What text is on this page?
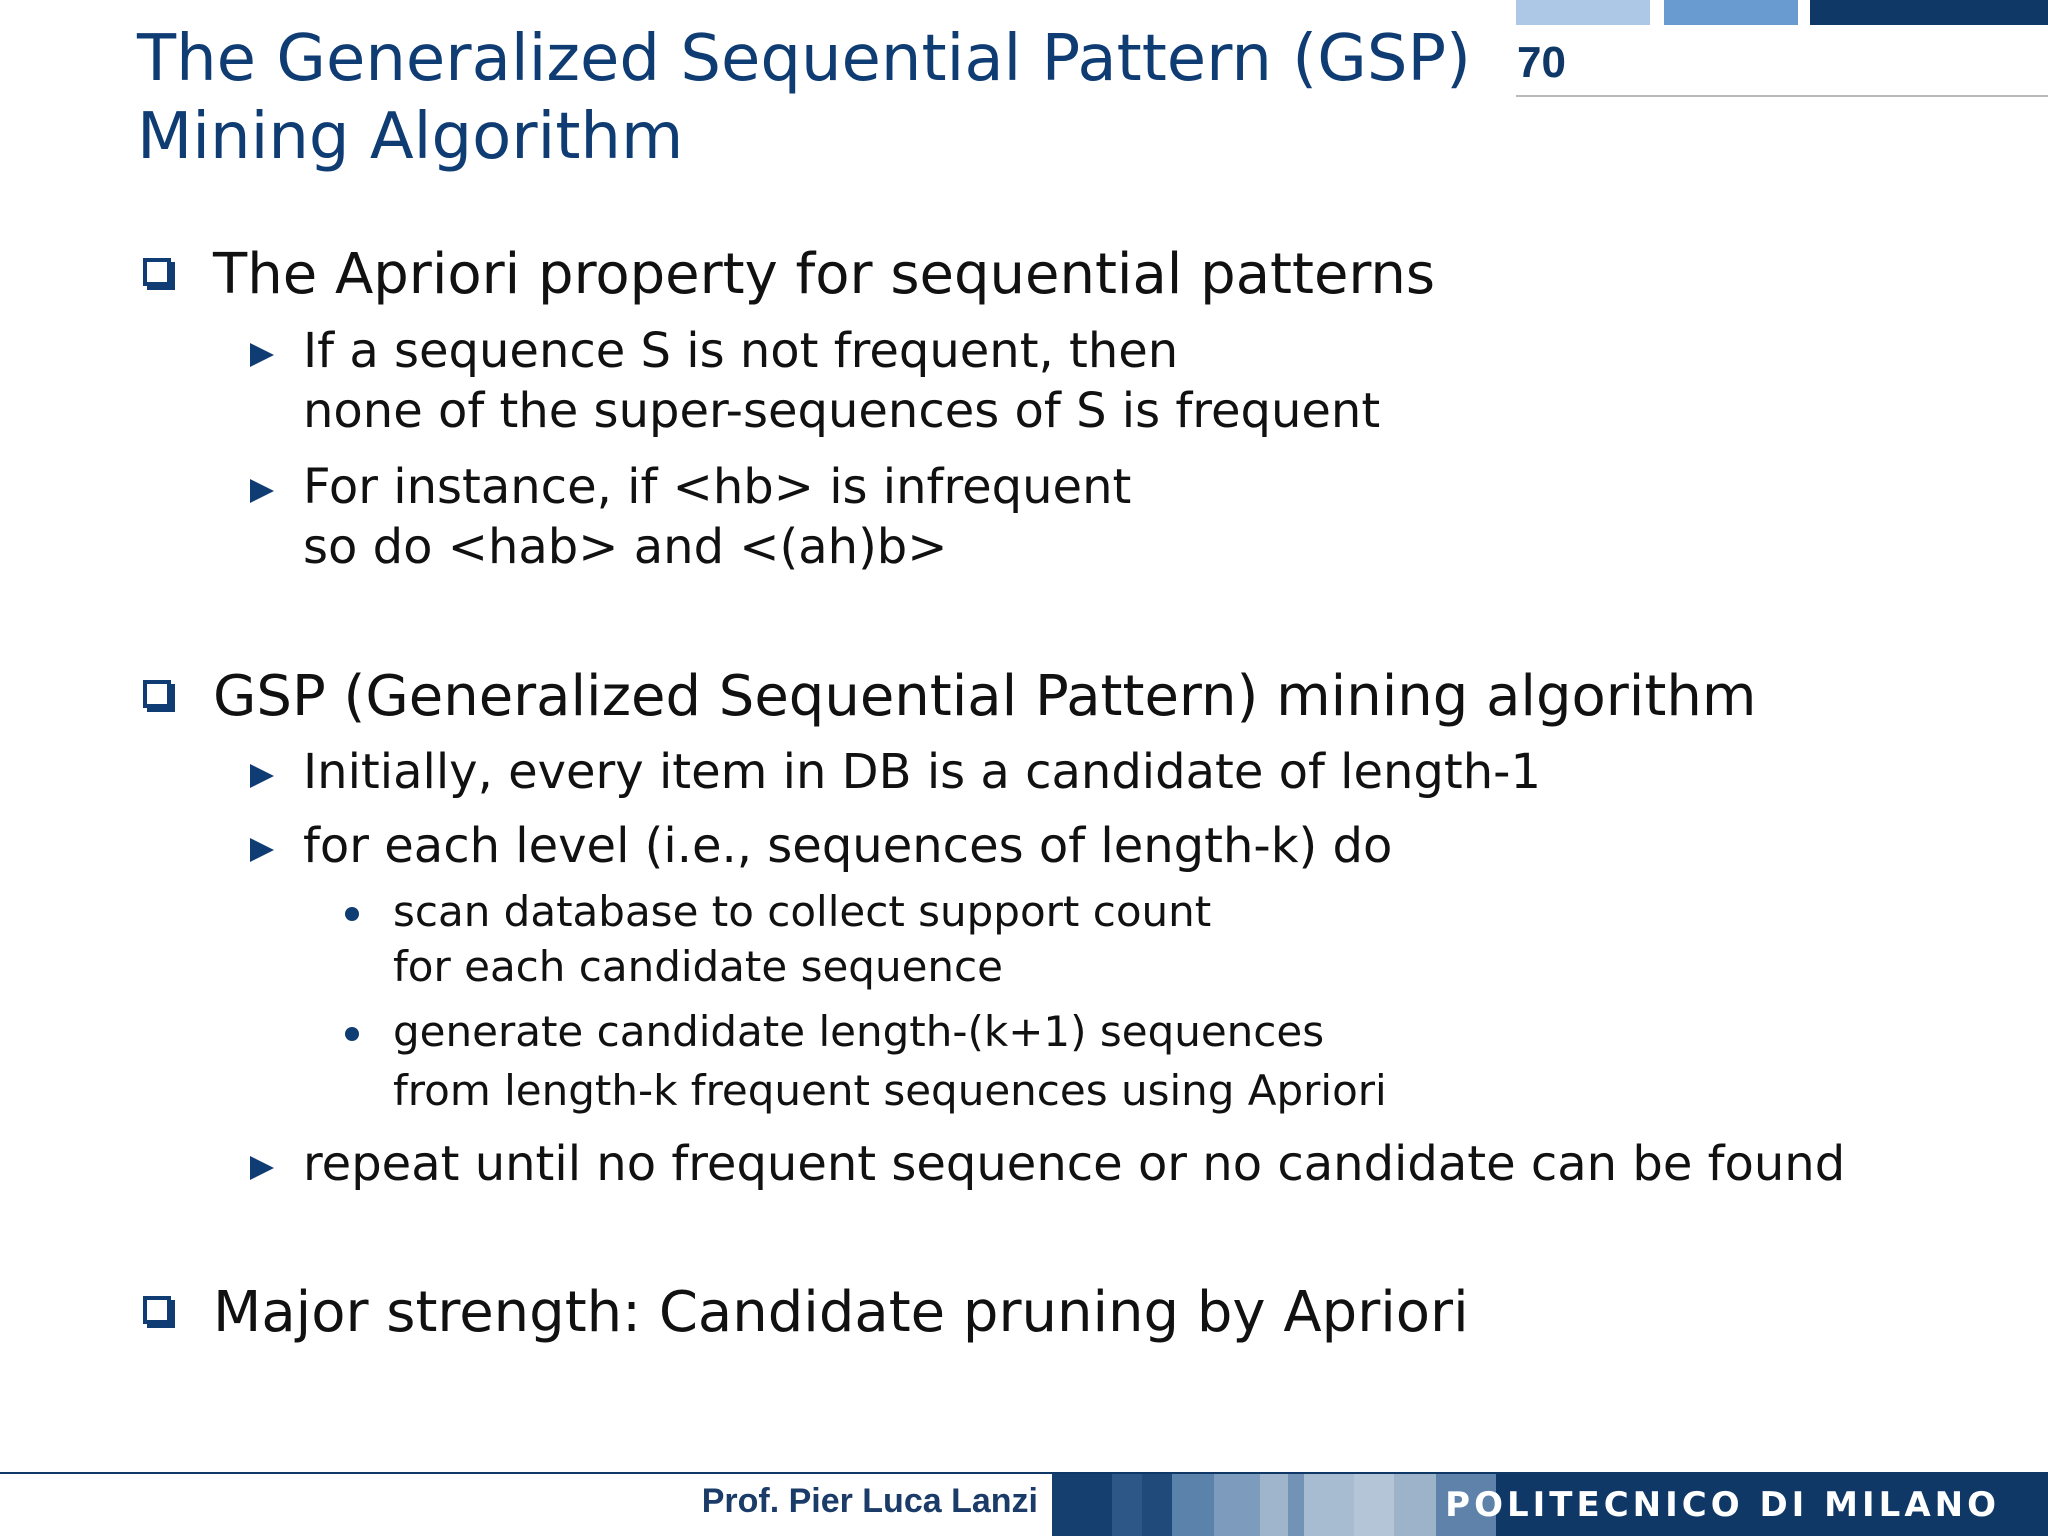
70
The Generalized Sequential Pattern (GSP)
Mining Algorithm
The Apriori property for sequential patterns
If a sequence S is not frequent, then
none of the super-sequences of S is frequent
For instance, if <hb> is infrequent
so do <hab> and <(ah)b>
GSP (Generalized Sequential Pattern) mining algorithm
Initially, every item in DB is a candidate of length-1
for each level (i.e., sequences of length-k) do
scan database to collect support count
for each candidate sequence
generate candidate length-(k+1) sequences
from length-k frequent sequences using Apriori
repeat until no frequent sequence or no candidate can be found
Major strength: Candidate pruning by Apriori
Prof. Pier Luca Lanzi	POLITECNICO DI MILANO
